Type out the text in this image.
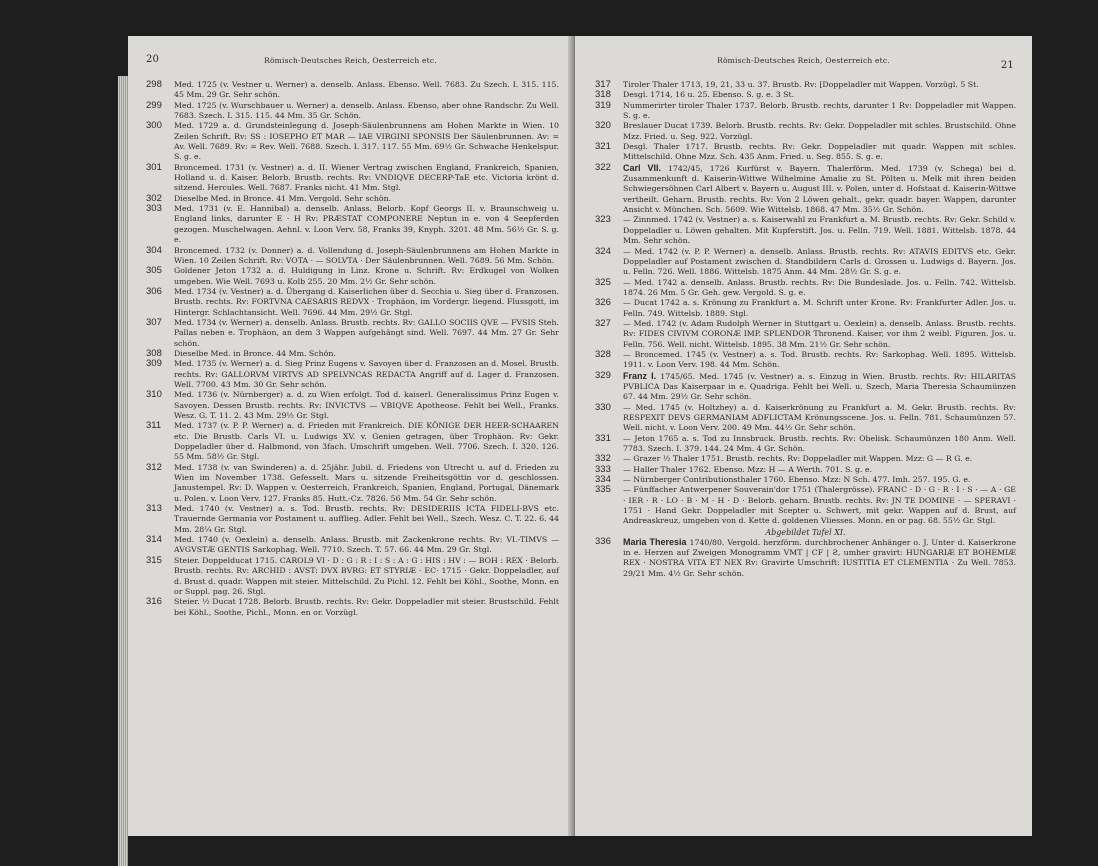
20	Römisch-Deutsches Reich, Oesterreich etc.
298 Med. 1725 (v. Vestner u. Werner) a. denselb. Anlass. Ebenso. Well. 7683. Zu Szech. I. 315. 115. 45 Mm. 29 Gr. Sehr schön.
299 Med. 1725 (v. Wurschbauer u. Werner) a. denselb. Anlass. Ebenso, aber ohne Randschr. Zu Well. 7683. Szech. I. 315. 115. 44 Mm. 35 Gr. Schön.
300 Med. 1729 a. d. Grundsteinlegung d. Joseph-Säulenbrunnens am Hohen Markte in Wien. 10 Zeilen Schrift. Rv: SS : IOSEPHO ET MAR — IAE VIRGINI SPONSIS Der Säulenbrunnen. Av: = Av. Well. 7689. Rv: = Rev. Well. 7688. Szech. I. 317. 117. 55 Mm. 69½ Gr. Schwache Henkelspur. S. g. e.
301 Broncemed. 1731 (v. Vestner) a. d. II. Wiener Vertrag zwischen England, Frankreich, Spanien, Holland u. d. Kaiser. Belorb. Brustb. rechts. Rv: VNDIQVE DECERP-TaE etc. Victoria krönt d. sitzend. Hercules. Well. 7687. Franks nicht. 41 Mm. Stgl.
302 Dieselbe Med. in Bronce. 41 Mm. Vergold. Sehr schön.
303 Med. 1731 (v. E. Hannibal) a. denselb. Anlass. Belorb. Kopf Georgs II. v. Braunschweig u. England links, darunter E · H Rv: PRÆSTAT COMPONERE Neptun in e. von 4 Seepferden gezogen. Muschelwagen. Aehnl. v. Loon Verv. 58, Franks 39, Knyph. 3201. 48 Mm. 56½ Gr. S. g. e.
304 Broncemed. 1732 (v. Donner) a. d. Vollendung d. Joseph-Säulenbrunnens am Hohen Markte in Wien. 10 Zeilen Schrift. Rv: VOTA · — SOLVTA · Der Säulenbrunnen. Well. 7689. 56 Mm. Schön.
305 Goldener Jeton 1732 a. d. Huldigung in Linz. Krone u. Schrift. Rv: Erdkugel von Wolken umgeben. Wie Well. 7693 u. Kolb 255. 20 Mm. 2½ Gr. Sehr schön.
306 Med. 1734 (v. Vestner) a. d. Übergang d. Kaiserlichen über d. Secchia u. Sieg über d. Franzosen. Brustb. rechts. Rv: FORTVNA CAESARIS REDVX · Trophäon, im Vordergr. liegend. Flussgott, im Hintergr. Schlachtansicht. Well. 7696. 44 Mm. 29½ Gr. Stgl.
307 Med. 1734 (v. Werner) a. denselb. Anlass. Brustb. rechts. Rv: GALLO SOCIIS QVE — FVSIS Steh. Pallas neben e. Trophäon, an dem 3 Wappen aufgehängt sind. Well. 7697. 44 Mm. 27 Gr. Sehr schön.
308 Dieselbe Med. in Bronce. 44 Mm. Schön.
309 Med. 1735 (v. Werner) a. d. Sieg Prinz Eugens v. Savoyen über d. Franzosen an d. Mosel. Brustb. rechts. Rv: GALLORVM VIRTVS AD SPELVNCAS REDACTA Angriff auf d. Lager d. Franzosen. Well. 7700. 43 Mm. 30 Gr. Sehr schön.
310 Med. 1736 (v. Nürnberger) a. d. zu Wien erfolgt. Tod d. kaiserl. Generalissimus Prinz Eugen v. Savoyen. Dessen Brustb. rechts. Rv: INVICTVS — VBIQVE Apotheose. Fehlt bei Well., Franks. Wesz. G. T. 11. 2. 43 Mm. 29½ Gr. Stgl.
311 Med. 1737 (v. P. P. Werner) a. d. Frieden mit Frankreich. DIE KÖNIGE DER HEER-SCHAAREN etc. Die Brustb. Carls VI. u. Ludwigs XV. v. Genien getragen, über Trophäon. Rv: Gekr. Doppeladler über d. Halbmond, von 3fach. Umschrift umgeben. Well. 7706. Szech. I. 320. 126. 55 Mm. 58½ Gr. Stgl.
312 Med. 1738 (v. van Swinderen) a. d. 25jähr. Jubil. d. Friedens von Utrecht u. auf d. Frieden zu Wien im November 1738. Gefesselt. Mars u. sitzende Freiheitsgöttin vor d. geschlossen. Janustempel. Rv: D. Wappen v. Oesterreich, Frankreich, Spanien, England, Portugal, Dänemark u. Polen. v. Loon Verv. 127. Franks 85. Hutt.-Cz. 7826. 56 Mm. 54 Gr. Sehr schön.
313 Med. 1740 (v. Vestner) a. s. Tod. Brustb. rechts. Rv: DESIDERIIS ICTA FIDELI-BVS etc. Trauernde Germania vor Postament u. aufflieg. Adler. Fehlt bei Well., Szech. Wesz. C. T. 22. 6. 44 Mm. 28¼ Gr. Stgl.
314 Med. 1740 (v. Oexlein) a. denselb. Anlass. Brustb. mit Zackenkrone rechts. Rv: VI.-TIMVS — AVGVSTÆ GENTIS Sarkophag. Well. 7710. Szech. T. 57. 66. 44 Mm. 29 Gr. Stgl.
315 Steier. Doppelducat 1715. CAROL9 VI · D : G : R : I : S : A : G : HIS : HV : — BOH : REX · Belorb. Brustb. rechts. Rv: ARCHID : AVST: DVX BVRG: ET STYRIÆ · EC· 1715 · Gekr. Doppeladler, auf d. Brust d. quadr. Wappen mit steier. Mittelschild. Zu Pichl. 12. Fehlt bei Köhl., Soothe, Monn. en or Suppl. pag. 26. Stgl.
316 Steier. ½ Ducat 1728. Belorb. Brustb. rechts. Rv: Gekr. Doppeladler mit steier. Brustschild. Fehlt bei Köhl., Soothe, Pichl., Monn. en or. Vorzügl.
Römisch-Deutsches Reich, Oesterreich etc.	21
317 Tiroler Thaler 1713, 19, 21, 33 u. 37. Brustb. Rv: [Doppeladler mit Wappen. Vorzügl. 5 St.
318 Desgl. 1714, 16 u. 25. Ebenso. S. g. e. 3 St.
319 Nummerirter tiroler Thaler 1737. Belorb. Brustb. rechts, darunter 1 Rv: Doppeladler mit Wappen. S. g. e.
320 Breslauer Ducat 1739. Belorb. Brustb. rechts. Rv: Gekr. Doppeladler mit schles. Brustschild. Ohne Mzz. Fried. u. Seg. 922. Vorzügl.
321 Desgl. Thaler 1717. Brustb. rechts. Rv: Gekr. Doppeladler mit quadr. Wappen mit schles. Mittelschild. Ohne Mzz. Sch. 435 Anm. Fried. u. Seg. 855. S. g. e.
322 Carl VII. 1742/45, 1726 Kurfürst v. Bayern. Thalerförm. Med. 1739 (v. Schega) bei d. Zusammenkunft d. Kaiserin-Wittwe Wilhelmine Amalie zu St. Pölten u. Melk mit ihren beiden Schwiegersöhnen Carl Albert v. Bayern u. August III. v. Polen, unter d. Hofstaat d. Kaiserin-Wittwe vertheilt. Geharn. Brustb. rechts. Rv: Von 2 Löwen gehalt., gekr. quadr. bayer. Wappen, darunter Ansicht v. München. Sch. 5609. Wie Wittelsb. 1868. 47 Mm. 35½ Gr. Schön.
323 — Zinnmed. 1742 (v. Vestner) a. s. Kaiserwahl zu Frankfurt a. M. Brustb. rechts. Rv: Gekr. Schild v. Doppeladler u. Löwen gehalten. Mit Kupferstift. Jos. u. Felln. 719. Well. 1881. Wittelsb. 1878. 44 Mm. Sehr schön.
324 — Med. 1742 (v. P. P. Werner) a. denselb. Anlass. Brustb. rechts. Rv: ATAVIS EDITVS etc. Gekr. Doppeladler auf Postament zwischen d. Standbildern Carls d. Grossen u. Ludwigs d. Bayern. Jos. u. Felln. 726. Well. 1886. Wittelsb. 1875 Anm. 44 Mm. 28½ Gr. S. g. e.
325 — Med. 1742 a. denselb. Anlass. Brustb. rechts. Rv: Die Bundeslade. Jos. u. Felln. 742. Wittelsb. 1874. 26 Mm. 5 Gr. Geh. gew. Vergold. S. g. e.
326 — Ducat 1742 a. s. Krönung zu Frankfurt a. M. Schrift unter Krone. Rv: Frankfurter Adler. Jos. u. Felln. 749. Wittelsb. 1889. Stgl.
327 — Med. 1742 (v. Adam Rudolph Werner in Stuttgart u. Oexlein) a. denselb. Anlass. Brustb. rechts. Rv: FIDES CIVIVM CORONÆ IMP. SPLENDOR Thronend. Kaiser, vor ihm 2 weibl. Figuren. Jos. u. Felln. 756. Well. nicht. Wittelsb. 1895. 38 Mm. 21½ Gr. Sehr schön.
328 — Broncemed. 1745 (v. Vestner) a. s. Tod. Brustb. rechts. Rv: Sarkophag. Well. 1895. Wittelsb. 1911. v. Loon Verv. 198. 44 Mm. Schön.
329 Franz I. 1745/65. Med. 1745 (v. Vestner) a. s. Einzug in Wien. Brustb. rechts. Rv: HILARITAS PVBLICA Das Kaiserpaar in e. Quadriga. Fehlt bei Well. u. Szech, Maria Theresia Schaumünzen 67. 44 Mm. 29½ Gr. Sehr schön.
330 — Med. 1745 (v. Holtzhey) a. d. Kaiserkrönung zu Frankfurt a. M. Gekr. Brustb. rechts. Rv: RESPEXIT DEVS GERMANIAM ADFLICTAM Krönungsscene. Jos. u. Felln. 781. Schaumünzen 57. Well. nicht. v. Loon Verv. 200. 49 Mm. 44½ Gr. Sehr schön.
331 — Jeton 1765 a. s. Tod zu Innsbruck. Brustb. rechts. Rv: Obelisk. Schaumünzen 180 Anm. Well. 7783. Szech. I. 379. 144. 24 Mm. 4 Gr. Schön.
332 — Grazer ½ Thaler 1751. Brustb. rechts. Rv: Doppeladler mit Wappen. Mzz: G — R G. e.
333 — Haller Thaler 1762. Ebenso. Mzz: H — A Werth. 701. S. g. e.
334 — Nürnberger Contributionsthaler 1760. Ebenso. Mzz: N Sch. 477. Imh. 257. 195. G. e.
335 — Fünffacher Antwerpener Souverain'dor 1751 (Thalergrösse). FRANC · D · G · R · I · S · — A · GE · IER · R · LO · B · M · H · D · Belorb. geharn. Brustb. rechts. Rv: JN TE DOMINE · — SPERAVI · 1751 · Hand Gekr. Doppeladler mit Scepter u. Schwert, mit gekr. Wappen auf d. Brust, auf Andreaskreuz, umgeben von d. Kette d. goldenen Vliesses. Monn. en or pag. 68. 55½ Gr. Stgl.
Abgebildet Tafel XI.
336 Maria Theresia 1740/80. Vergold. herzförm. durchbrochener Anhänger o. J. Unter d. Kaiserkrone in e. Herzen auf Zweigen Monogramm VMT | CF | Ƨ, umher gravirt: HUNGARIÆ ET BOHEMIÆ REX · NOSTRA VITA ET NEX Rv: Gravirte Umschrift: IUSTITIA ET CLEMENTIA · Zu Well. 7853. 29/21 Mm. 4½ Gr. Sehr schön.
